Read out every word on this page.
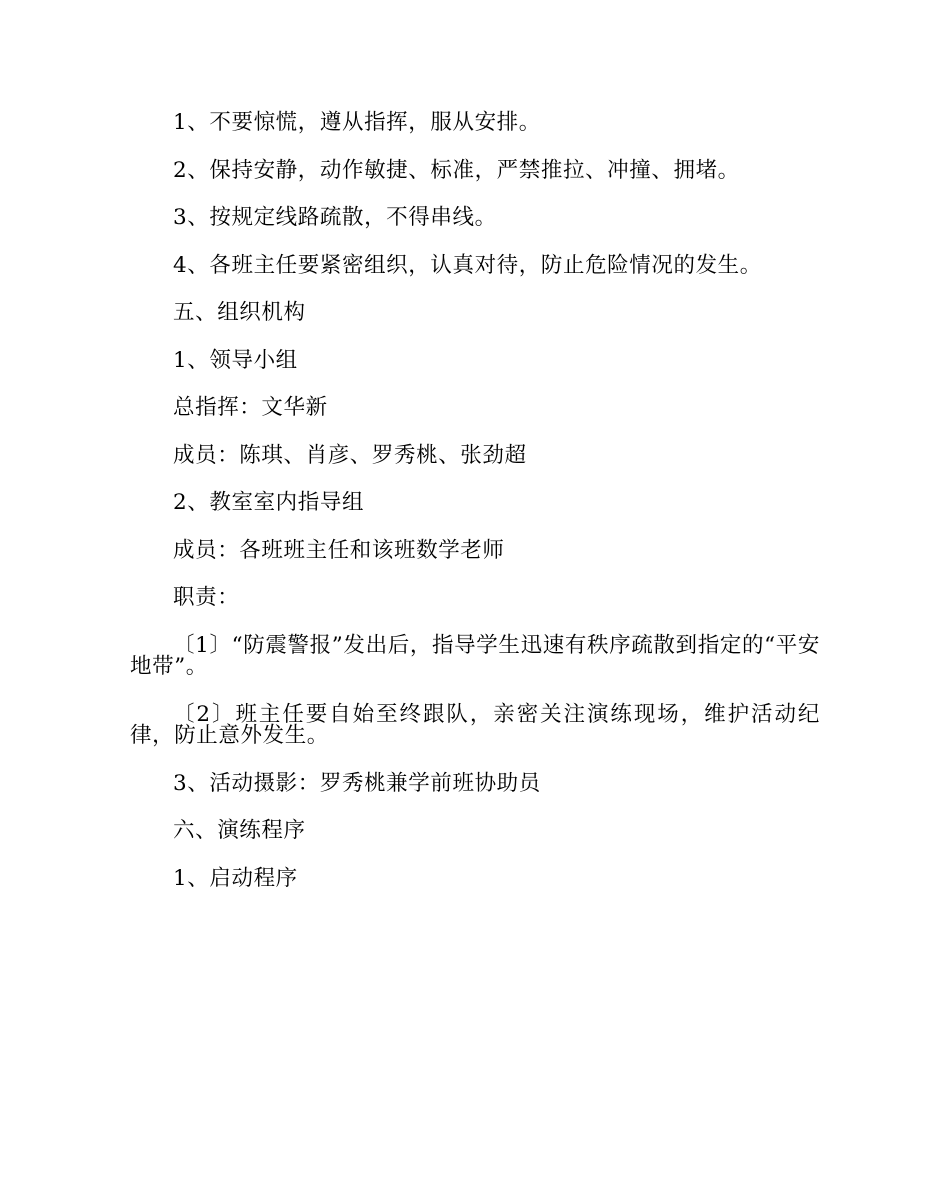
1、不要惊慌，遵从指挥，服从安排。

2、保持安静，动作敏捷、标准，严禁推拉、冲撞、拥堵。

3、按规定线路疏散，不得串线。

4、各班主任要紧密组织，认真对待，防止危险情况的发生。

五、组织机构

1、领导小组

总指挥：文华新

成员：陈琪、肖彦、罗秀桃、张劲超

2、教室室内指导组

成员：各班班主任和该班数学老师

职责：

〔1〕“防震警报”发出后，指导学生迅速有秩序疏散到指定的“平安地带”。

〔2〕班主任要自始至终跟队，亲密关注演练现场，维护活动纪律，防止意外发生。

3、活动摄影：罗秀桃兼学前班协助员

六、演练程序

1、启动程序
